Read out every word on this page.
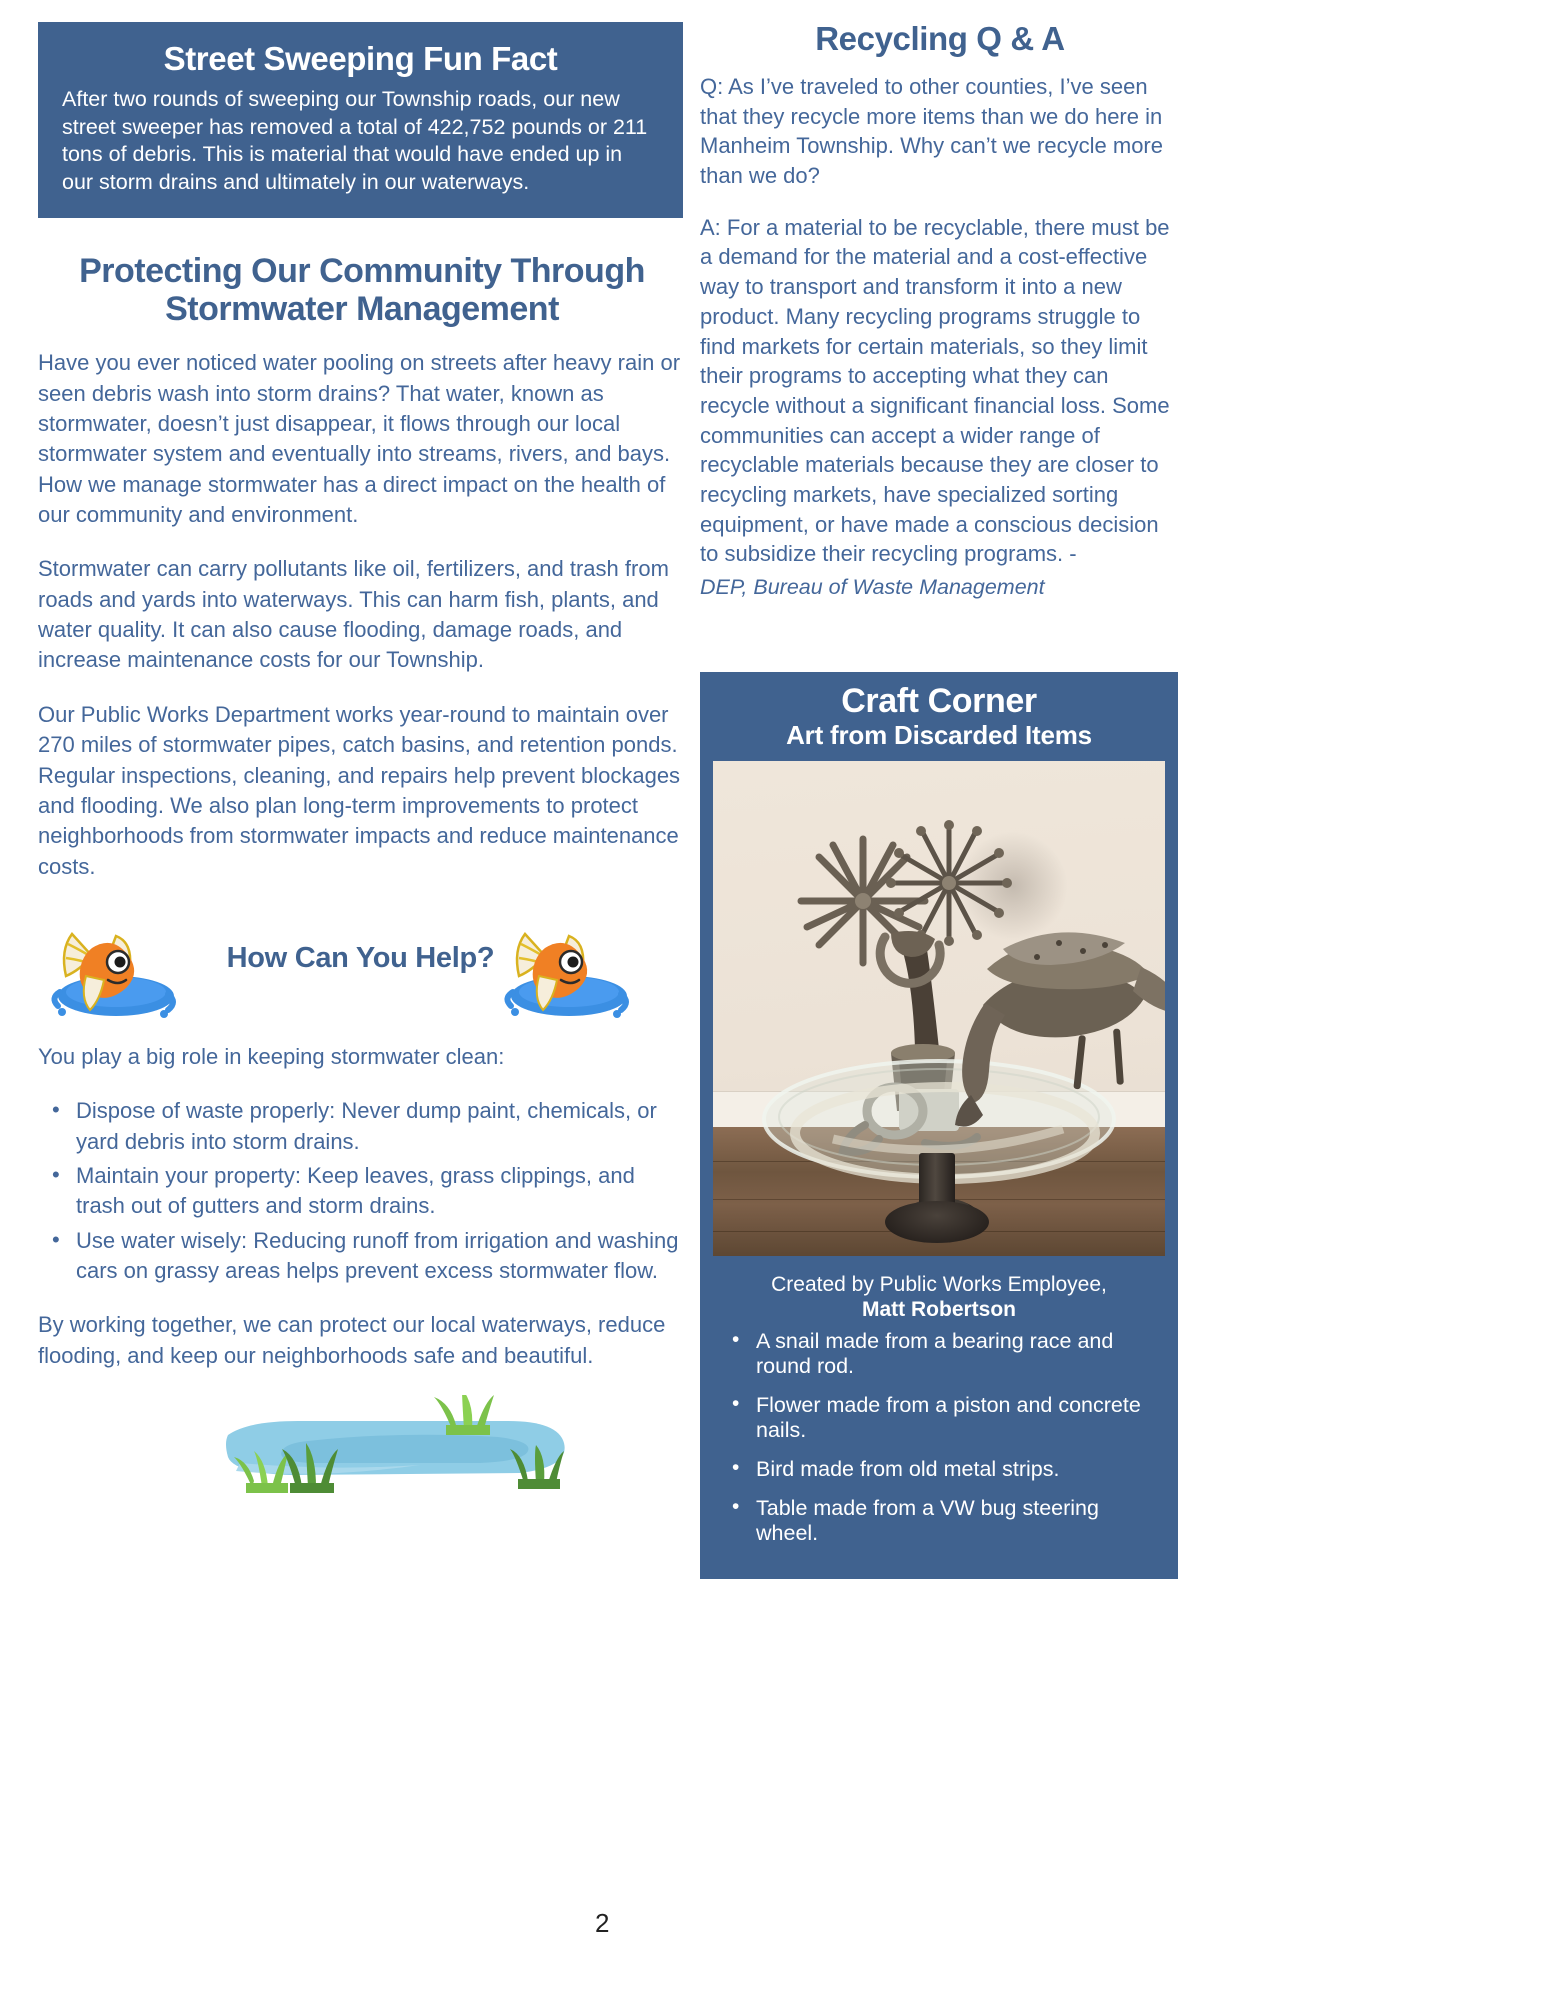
Street Sweeping Fun Fact
After two rounds of sweeping our Township roads, our new street sweeper has removed a total of 422,752 pounds or 211 tons of debris. This is material that would have ended up in our storm drains and ultimately in our waterways.
Protecting Our Community Through Stormwater Management

Have you ever noticed water pooling on streets after heavy rain or seen debris wash into storm drains? That water, known as stormwater, doesn’t just disappear, it flows through our local stormwater system and eventually into streams, rivers, and bays. How we manage stormwater has a direct impact on the health of our community and environment.

Stormwater can carry pollutants like oil, fertilizers, and trash from roads and yards into waterways. This can harm fish, plants, and water quality. It can also cause flooding, damage roads, and increase maintenance costs for our Township.

Our Public Works Department works year-round to maintain over 270 miles of stormwater pipes, catch basins, and retention ponds. Regular inspections, cleaning, and repairs help prevent blockages and flooding. We also plan long-term improvements to protect neighborhoods from stormwater impacts and reduce maintenance costs.

How Can You Help?

You play a big role in keeping stormwater clean:

• Dispose of waste properly: Never dump paint, chemicals, or yard debris into storm drains.
• Maintain your property: Keep leaves, grass clippings, and trash out of gutters and storm drains.
• Use water wisely: Reducing runoff from irrigation and washing cars on grassy areas helps prevent excess stormwater flow.

By working together, we can protect our local waterways, reduce flooding, and keep our neighborhoods safe and beautiful.

Recycling Q & A

Q: As I’ve traveled to other counties, I’ve seen that they recycle more items than we do here in Manheim Township. Why can’t we recycle more than we do?

A: For a material to be recyclable, there must be a demand for the material and a cost-effective way to transport and transform it into a new product. Many recycling programs struggle to find markets for certain materials, so they limit their programs to accepting what they can recycle without a significant financial loss. Some communities can accept a wider range of recyclable materials because they are closer to recycling markets, have specialized sorting equipment, or have made a conscious decision to subsidize their recycling programs. -

DEP, Bureau of Waste Management
Craft Corner
Art from Discarded Items
Created by Public Works Employee,
Matt Robertson
• A snail made from a bearing race and round rod.
• Flower made from a piston and concrete nails.
• Bird made from old metal strips.
• Table made from a VW bug steering wheel.
2
